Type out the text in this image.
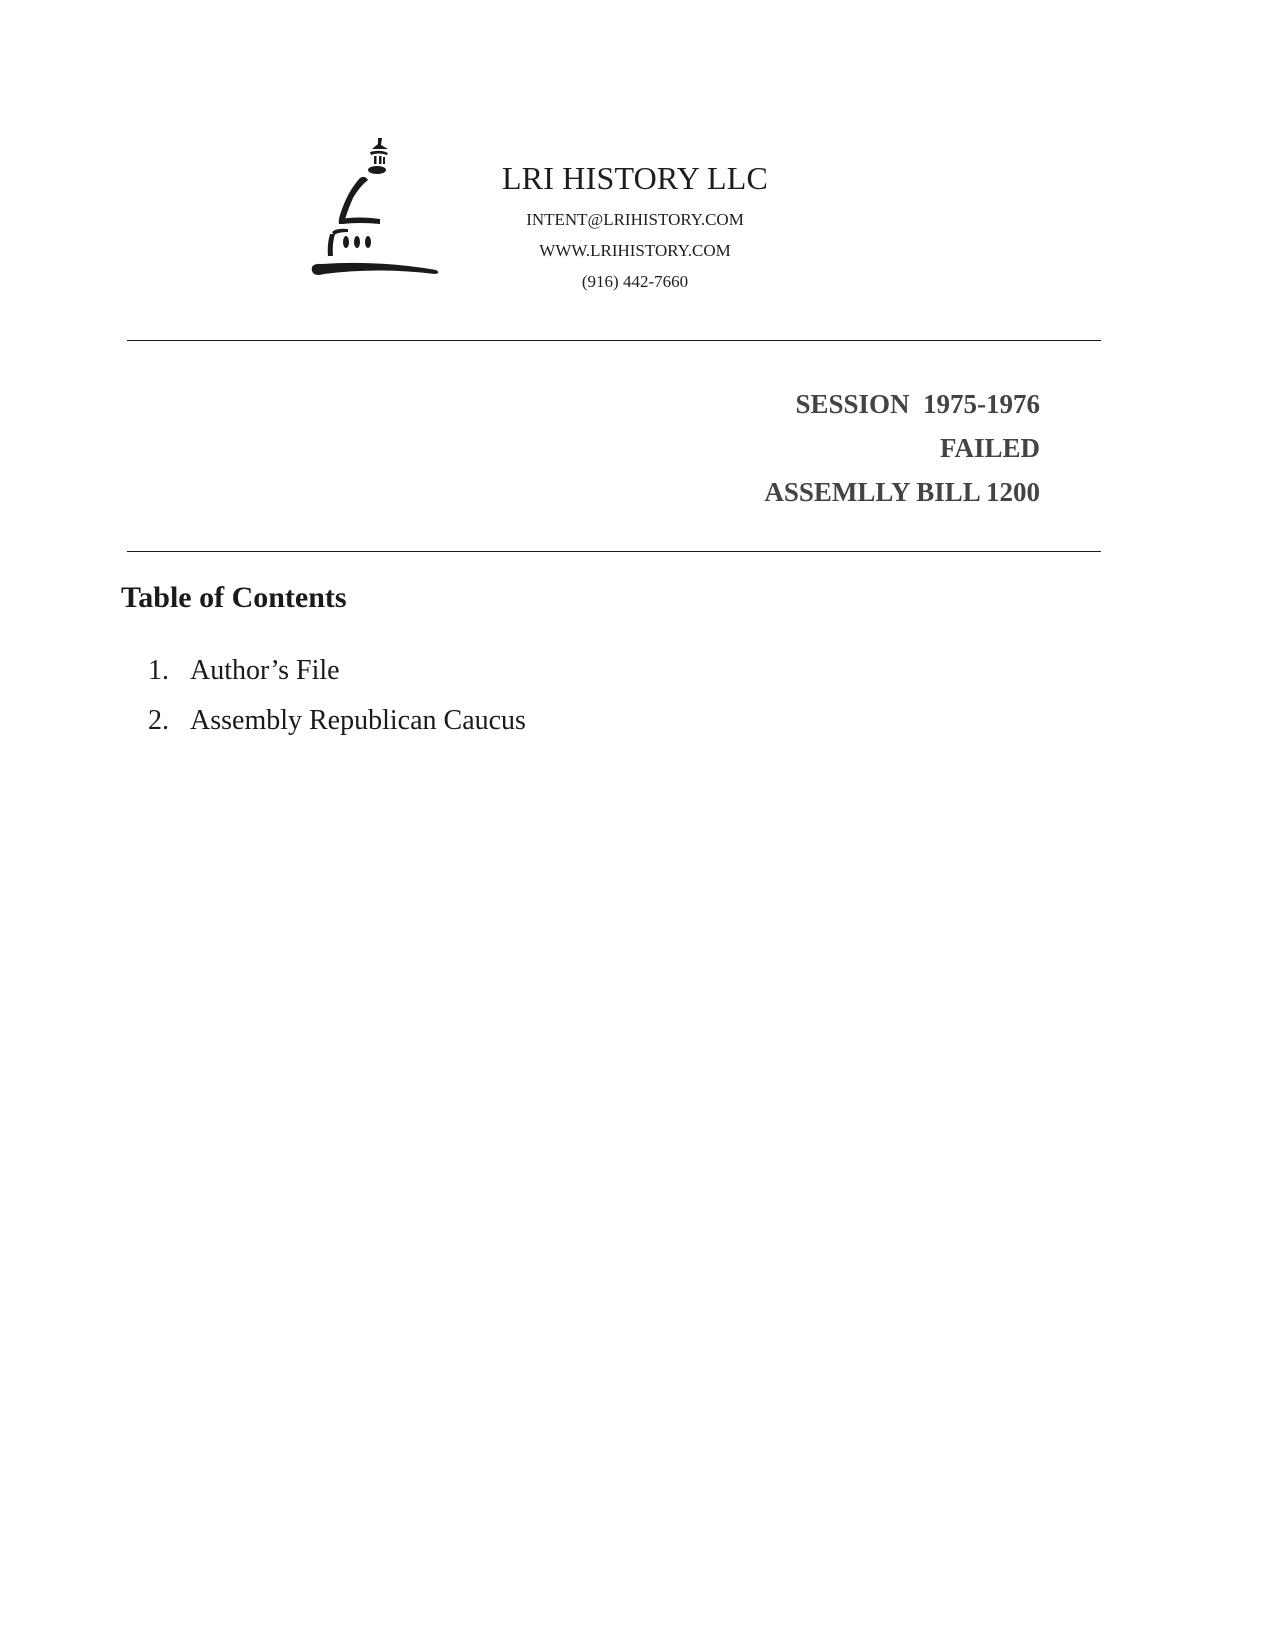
LRI HISTORY LLC
INTENT@LRIHISTORY.COM
WWW.LRIHISTORY.COM
(916) 442-7660
SESSION  1975-1976
FAILED
ASSEMLLY BILL 1200
Table of Contents
1. Author’s File
2. Assembly Republican Caucus
